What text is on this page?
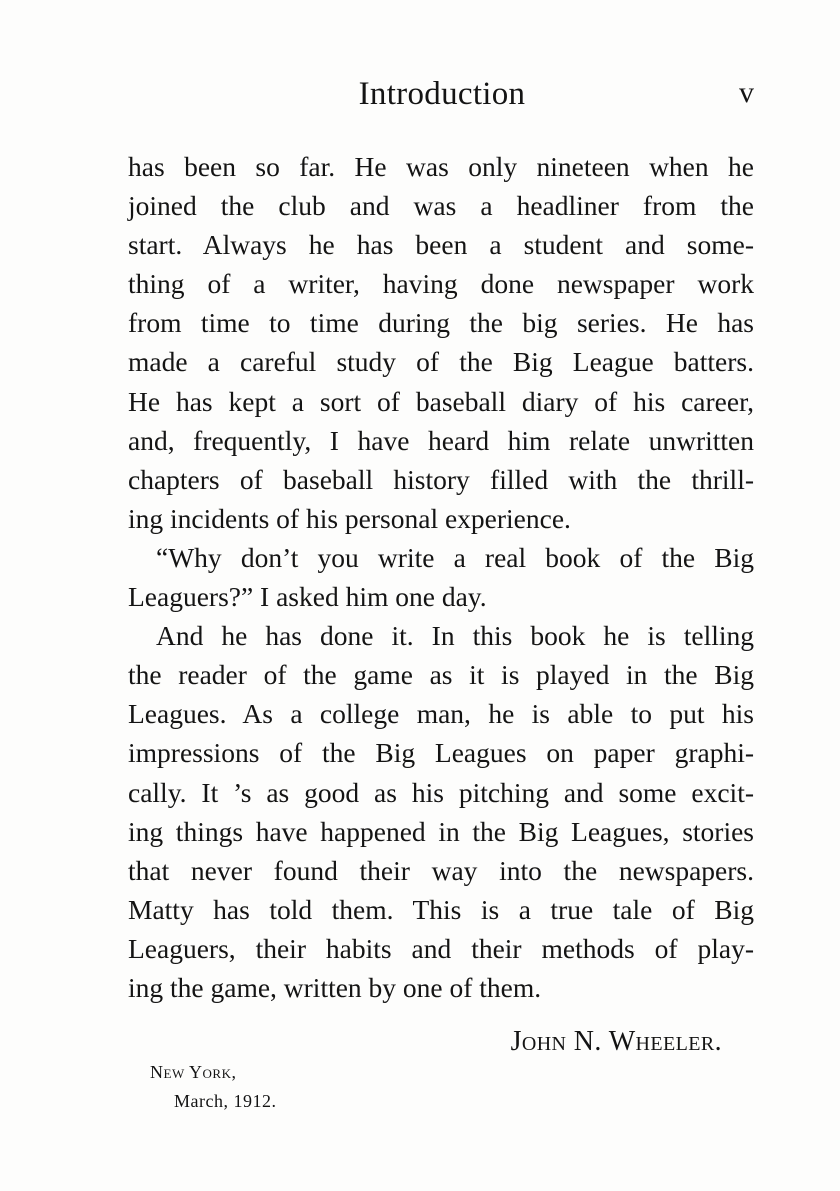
Introduction	v
has been so far. He was only nineteen when he
joined the club and was a headliner from the
start. Always he has been a student and some-
thing of a writer, having done newspaper work
from time to time during the big series. He has
made a careful study of the Big League batters.
He has kept a sort of baseball diary of his career,
and, frequently, I have heard him relate unwritten
chapters of baseball history filled with the thrill-
ing incidents of his personal experience.
“Why don’t you write a real book of the Big
Leaguers?” I asked him one day.
And he has done it. In this book he is telling
the reader of the game as it is played in the Big
Leagues. As a college man, he is able to put his
impressions of the Big Leagues on paper graphi-
cally. It ’s as good as his pitching and some excit-
ing things have happened in the Big Leagues, stories
that never found their way into the newspapers.
Matty has told them. This is a true tale of Big
Leaguers, their habits and their methods of play-
ing the game, written by one of them.
John N. Wheeler.
New York,
March, 1912.
